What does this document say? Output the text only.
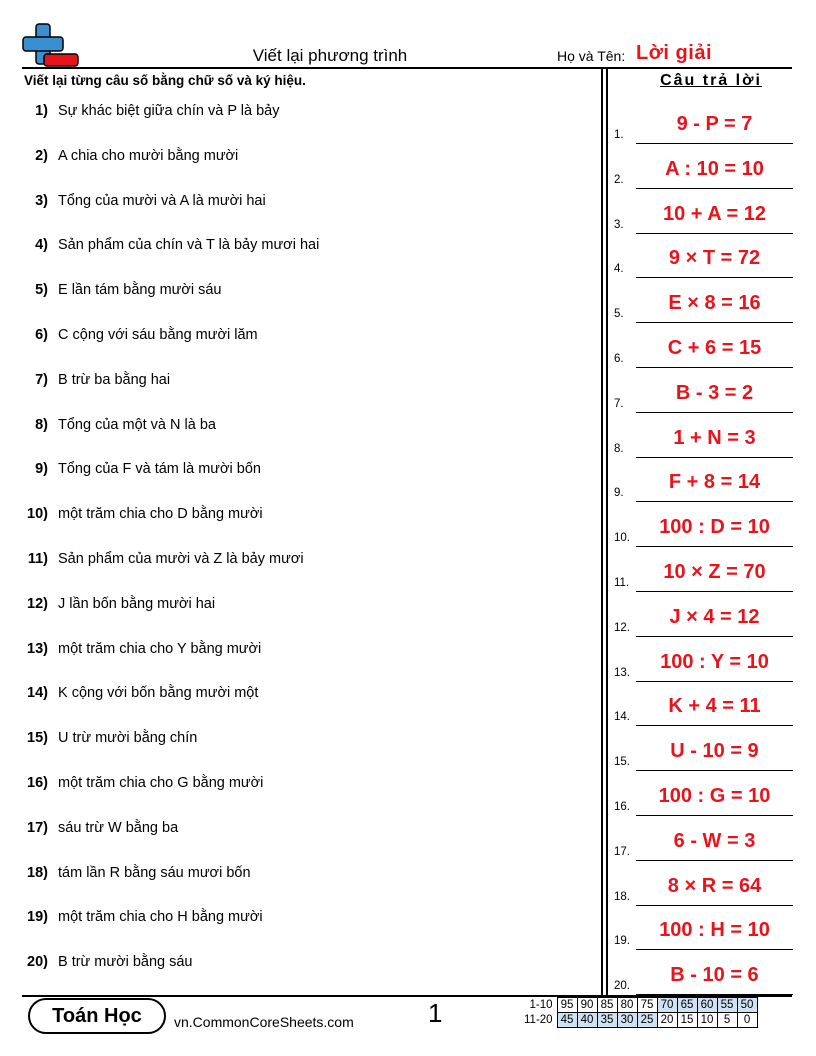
Viết lại phương trình	Họ và Tên: Lời giải
Viết lại từng câu số bằng chữ số và ký hiệu.	Câu trả lời
1) Sự khác biệt giữa chín và P là bảy
2) A chia cho mười bằng mười
3) Tổng của mười và A là mười hai
4) Sản phẩm của chín và T là bảy mươi hai
5) E lần tám bằng mười sáu
6) C cộng với sáu bằng mười lăm
7) B trừ ba bằng hai
8) Tổng của một và N là ba
9) Tổng của F và tám là mười bốn
10) một trăm chia cho D bằng mười
11) Sản phẩm của mười và Z là bảy mươi
12) J lần bốn bằng mười hai
13) một trăm chia cho Y bằng mười
14) K cộng với bốn bằng mười một
15) U trừ mười bằng chín
16) một trăm chia cho G bằng mười
17) sáu trừ W bằng ba
18) tám lần R bằng sáu mươi bốn
19) một trăm chia cho H bằng mười
20) B trừ mười bằng sáu
1.	9 - P = 7
2.	A : 10 = 10
3.	10 + A = 12
4.	9 × T = 72
5.	E × 8 = 16
6.	C + 6 = 15
7.	B - 3 = 2
8.	1 + N = 3
9.	F + 8 = 14
10.	100 : D = 10
11.	10 × Z = 70
12.	J × 4 = 12
13.	100 : Y = 10
14.	K + 4 = 11
15.	U - 10 = 9
16.	100 : G = 10
17.	6 - W = 3
18.	8 × R = 64
19.	100 : H = 10
20.	B - 10 = 6
Toán Học	vn.CommonCoreSheets.com	1	1-10	95	90	85	80	75	70	65	60	55	50
11-20	45	40	35	30	25	20	15	10	5	0
